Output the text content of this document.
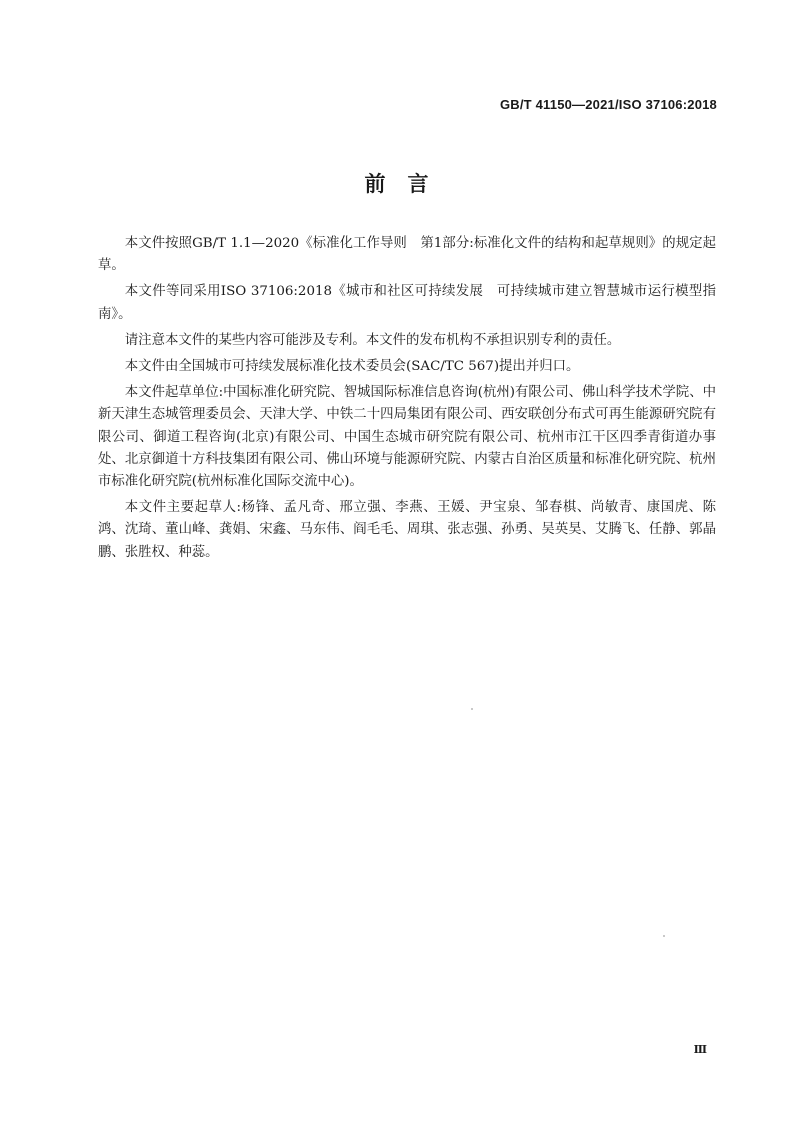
GB/T 41150—2021/ISO 37106:2018
前言

本文件按照GB/T 1.1—2020《标准化工作导则　第1部分:标准化文件的结构和起草规则》的规定起草。

本文件等同采用ISO 37106:2018《城市和社区可持续发展　可持续城市建立智慧城市运行模型指南》。

请注意本文件的某些内容可能涉及专利。本文件的发布机构不承担识别专利的责任。

本文件由全国城市可持续发展标准化技术委员会(SAC/TC 567)提出并归口。

本文件起草单位:中国标准化研究院、智城国际标准信息咨询(杭州)有限公司、佛山科学技术学院、中新天津生态城管理委员会、天津大学、中铁二十四局集团有限公司、西安联创分布式可再生能源研究院有限公司、御道工程咨询(北京)有限公司、中国生态城市研究院有限公司、杭州市江干区四季青街道办事处、北京御道十方科技集团有限公司、佛山环境与能源研究院、内蒙古自治区质量和标准化研究院、杭州市标准化研究院(杭州标准化国际交流中心)。

本文件主要起草人:杨锋、孟凡奇、邢立强、李燕、王媛、尹宝泉、邹春棋、尚敏青、康国虎、陈鸿、沈琦、董山峰、龚娟、宋鑫、马东伟、阎毛毛、周琪、张志强、孙勇、吴英昊、艾腾飞、任静、郭晶鹏、张胜权、种蕊。

Ⅲ
